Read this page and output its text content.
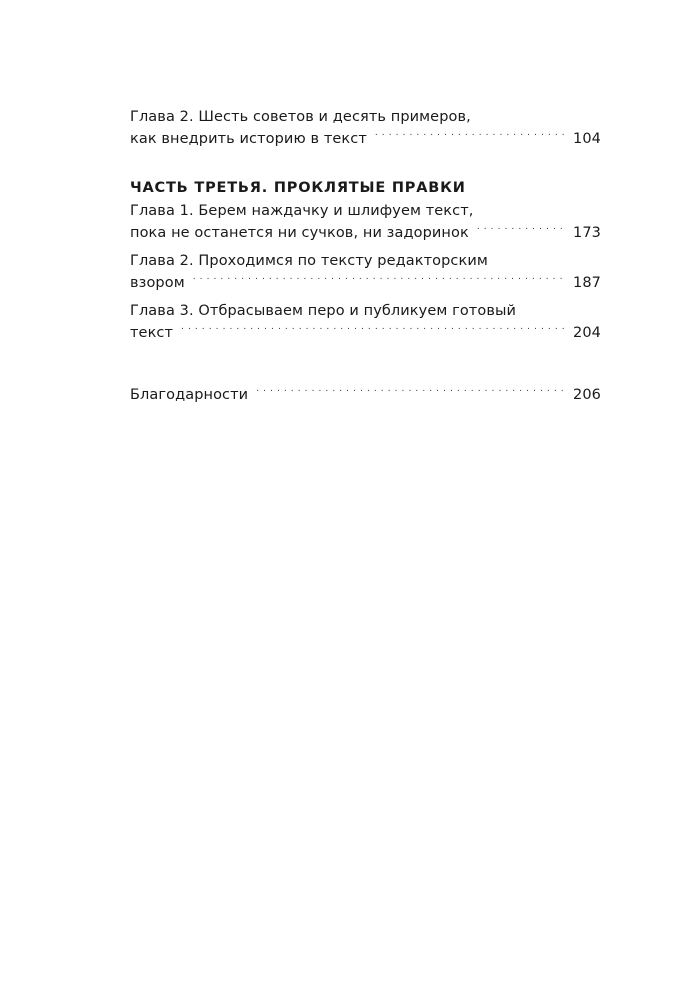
Глава 2. Шесть советов и десять примеров,
как внедрить историю в текст . . .	104
ЧАСТЬ ТРЕТЬЯ. ПРОКЛЯТЫЕ ПРАВКИ
Глава 1. Берем наждачку и шлифуем текст,
пока не останется ни сучков, ни задоринок . . .	173
Глава 2. Проходимся по тексту редакторским
взором . . .	187
Глава 3. Отбрасываем перо и публикуем готовый
текст . . .	204
Благодарности . . .	206
